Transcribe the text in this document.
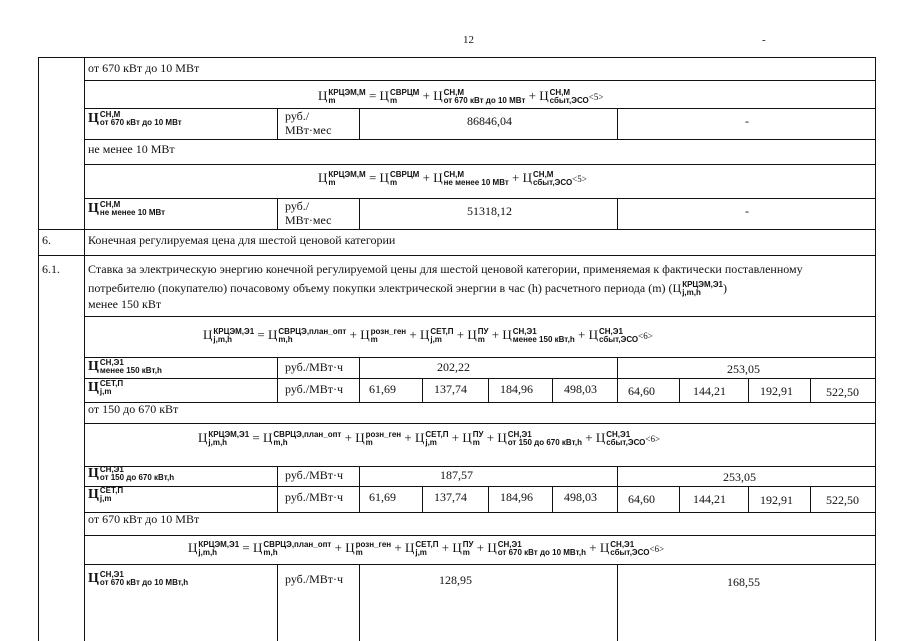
12	-
от 670 кВт до 10 МВт
Ц КРЦЭМ,М
m	= Ц СВРЦМ
m	+ Ц СН,М
от 670 кВт до 10 МВт + Ц СН,М
сбыт,ЭСО <5>
Ц СН,М
от 670 кВт до 10 МВт	руб./
МВт·мес
86846,04	-
не менее 10 МВт
Ц КРЦЭМ,М
m	= Ц СВРЦМ
m	+ Ц СН,М
не менее 10 МВт + Ц СН,М
сбыт,ЭСО <5>
Ц СН,М
не менее 10 МВт	руб./
МВт·мес
51318,12	-
6.	Конечная регулируемая цена для шестой ценовой категории
6.1. Ставка за электрическую энергию конечной регулируемой цены для шестой ценовой категории, применяемая к фактически поставленному
потребителю (покупателю) почасовому объему покупки электрической энергии в час (h) расчетного периода (m) (Ц КРЦЭМ,Э1
j,m,h	)
менее 150 кВт
Ц КРЦЭМ,Э1
j,m,h	= Ц СВРЦЭ,план_опт
m,h	+ Ц розн_ген
m	+ Ц СЕТ,П
j,m	+ Ц ПУ
m + Ц СН,Э1
менее 150 кВт,h + Ц СН,Э1
сбыт,ЭСО <6>
Ц СН,Э1
менее 150 кВт,h	руб./МВт·ч	202,22	253,05
Ц СЕТ,П
j,m	руб./МВт·ч 61,69	137,74	184,96	498,03	64,60	144,21	192,91	522,50
от 150 до 670 кВт
Ц КРЦЭМ,Э1
j,m,h	= Ц СВРЦЭ,план_опт
m,h	+ Ц розн_ген
m	+ Ц СЕТ,П
j,m	+ Ц ПУ
m + Ц СН,Э1
от 150 до 670 кВт,h + Ц СН,Э1
сбыт,ЭСО <6>
Ц СН,Э1
от 150 до 670 кВт,h	руб./МВт·ч	187,57	253,05
Ц СЕТ,П
j,m	руб./МВт·ч 61,69	137,74	184,96	498,03	64,60	144,21	192,91	522,50
от 670 кВт до 10 МВт
Ц КРЦЭМ,Э1
j,m,h	= Ц СВРЦЭ,план_опт
m,h	+ Ц розн_ген
m	+ Ц СЕТ,П
j,m	+ Ц ПУ
m + Ц СН,Э1
от 670 кВт до 10 МВт,h + Ц СН,Э1
сбыт,ЭСО <6>
Ц СН,Э1
от 670 кВт до 10 МВт,h	руб./МВт·ч	128,95	168,55
